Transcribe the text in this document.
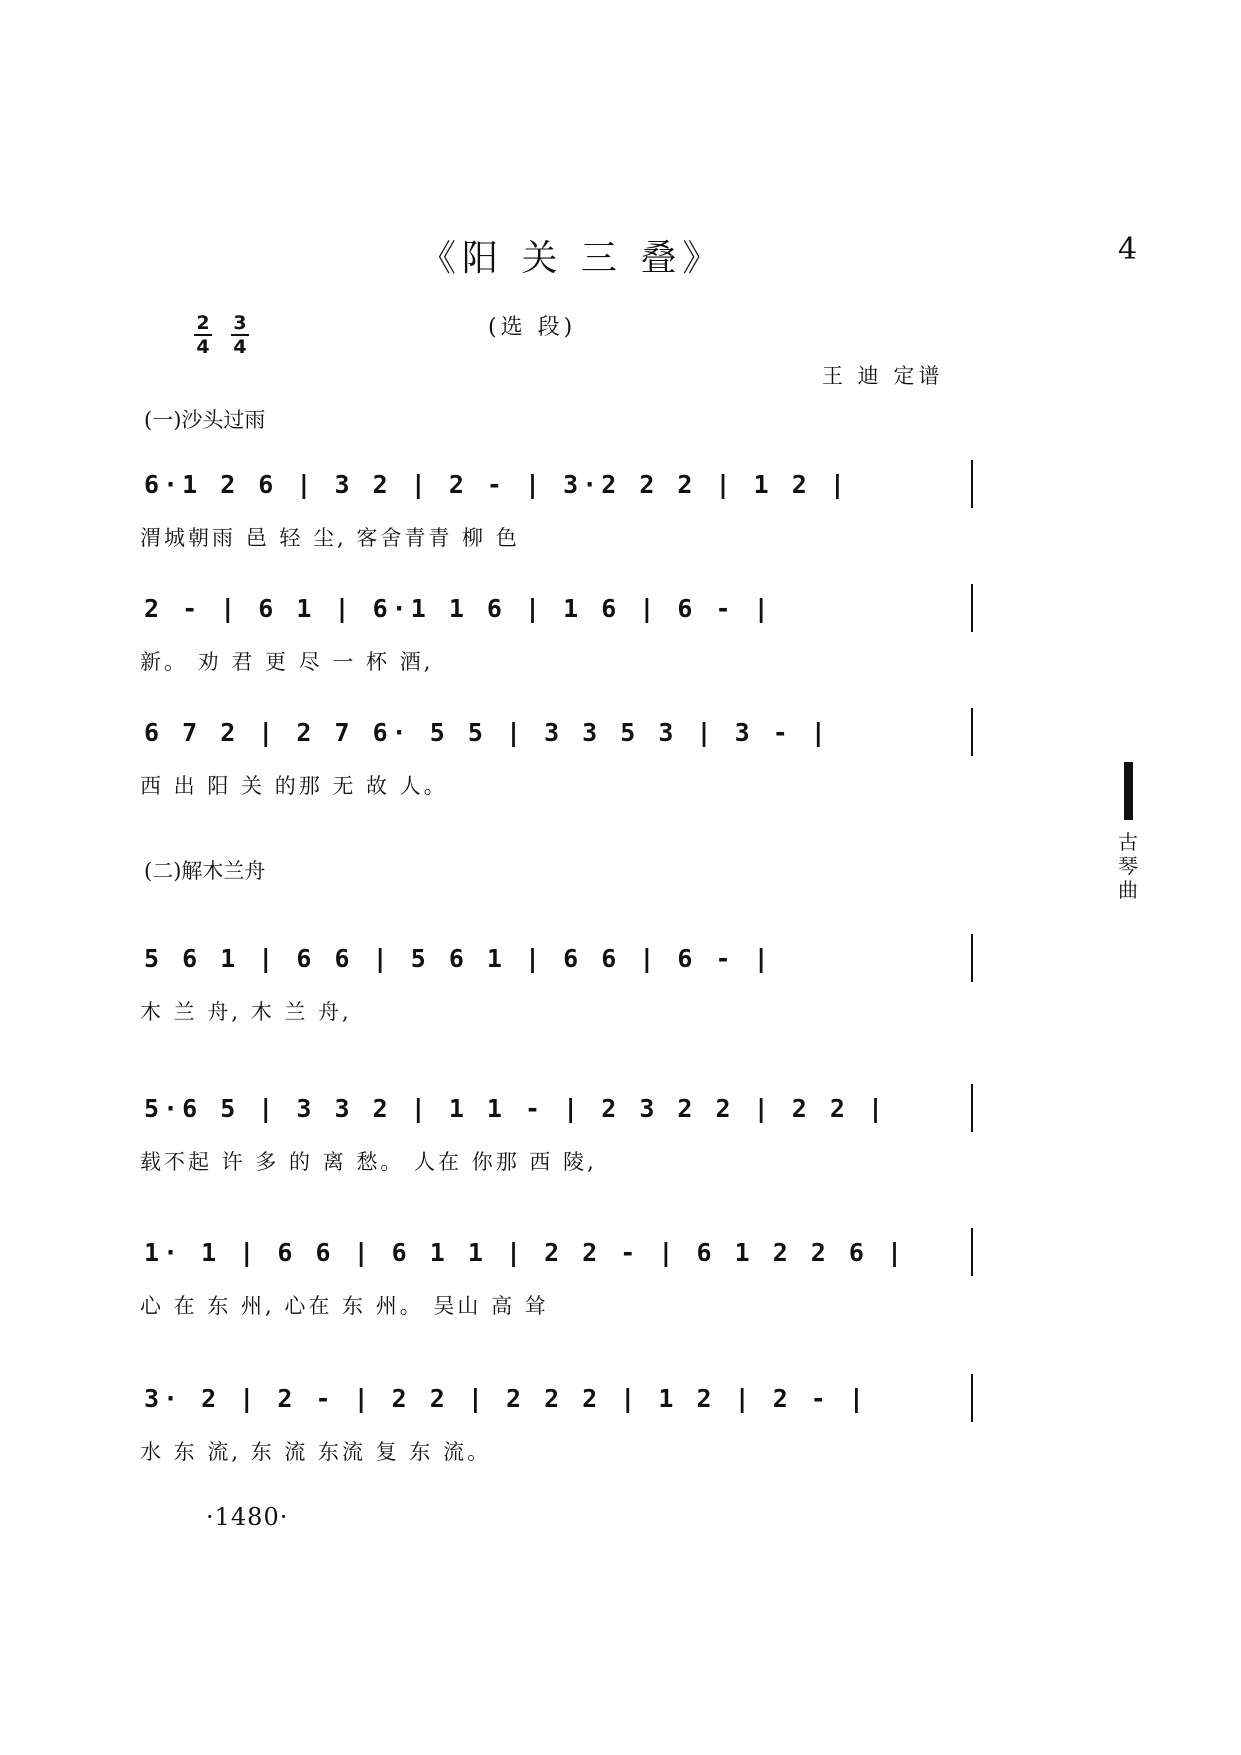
《阳 关 三 叠》	4
(选 段)
2
4
3
4
王 迪 定谱
(一)沙头过雨
6·1 2 6 | 3 2 | 2 - | 3·2 2 2 | 1 2 |
渭城朝雨 邑 轻 尘, 客舍青青 柳 色
2 - | 6 1 | 6·1 1 6 | 1 6 | 6 - |
新。 劝 君 更 尽 一 杯 酒,
6 7 2 | 2 7 6· 5 5 | 3 3 5 3 | 3 - |
西 出 阳 关 的那 无 故 人。
(二)解木兰舟
5 6 1 | 6 6 | 5 6 1 | 6 6 | 6 - |
木 兰 舟, 木 兰 舟,
5·6 5 | 3 3 2 | 1 1 - | 2 3 2 2 | 2 2 |
载不起 许 多 的 离 愁。 人在 你那 西 陵,
1· 1 | 6 6 | 6 1 1 | 2 2 - | 6 1 2 2 6 |
心 在 东 州, 心在 东 州。 吴山 高 耸
3· 2 | 2 - | 2 2 | 2 2 2 | 1 2 | 2 - |
水 东 流, 东 流 东流 复 东 流。
古琴曲
·1480·
